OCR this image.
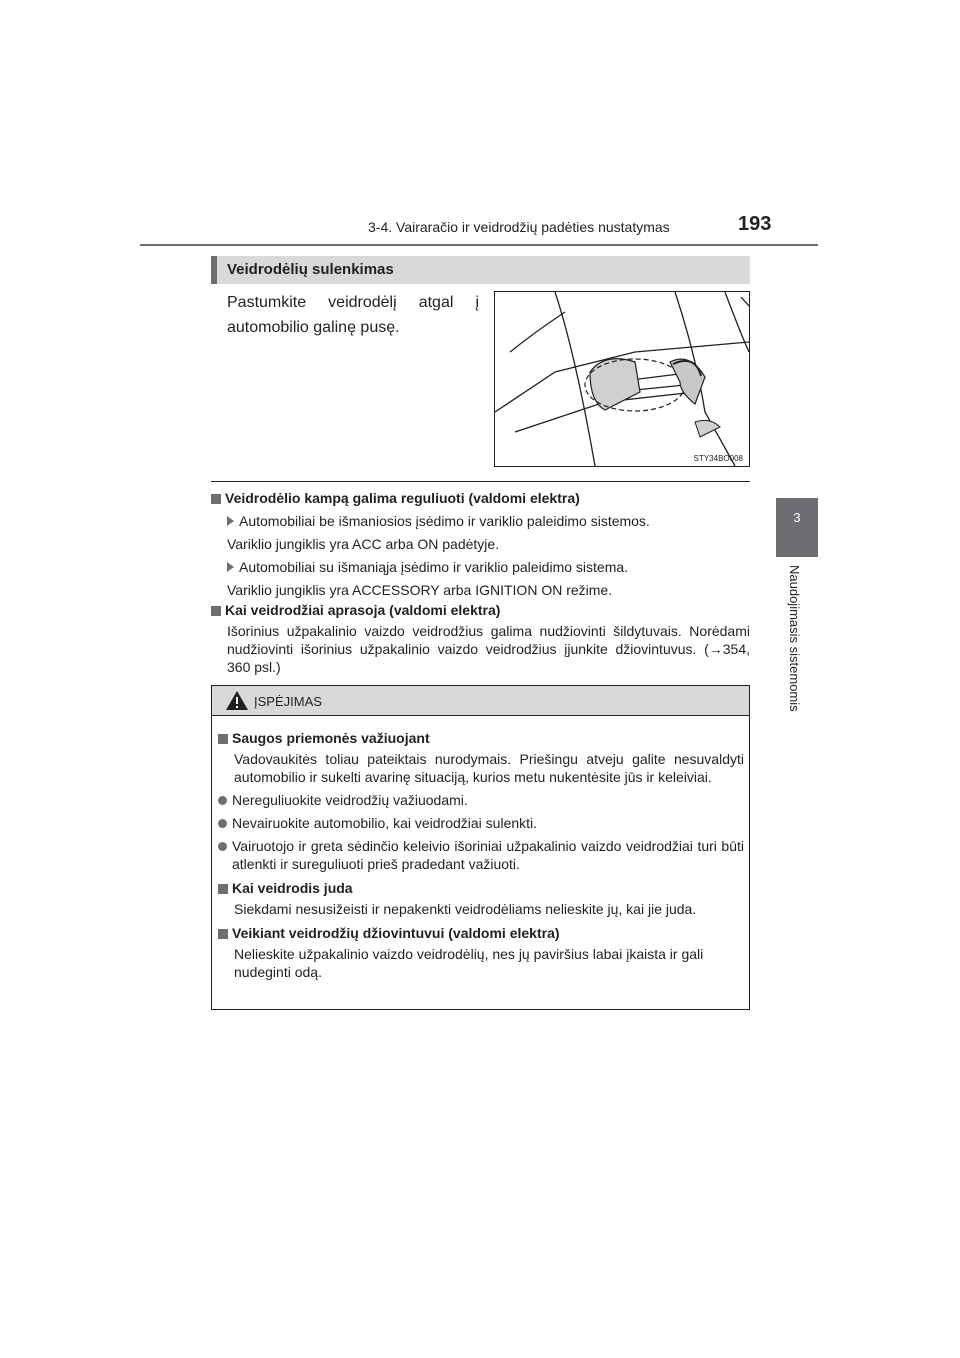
3-4. Vairaračio ir veidrodžių padėties nustatymas	193
3
Naudojimasis sistemomis
Veidrodėlių sulenkimas
Pastumkite veidrodėlį atgal į automobilio galinę pusę.
STY34BO008
Veidrodėlio kampą galima reguliuoti (valdomi elektra)
Automobiliai be išmaniosios įsėdimo ir variklio paleidimo sistemos.
Variklio jungiklis yra ACC arba ON padėtyje.
Automobiliai su išmaniąja įsėdimo ir variklio paleidimo sistema.
Variklio jungiklis yra ACCESSORY arba IGNITION ON režime.
Kai veidrodžiai aprasoja (valdomi elektra)
Išorinius užpakalinio vaizdo veidrodžius galima nudžiovinti šildytuvais. Norėdami nudžiovinti išorinius užpakalinio vaizdo veidrodžius įjunkite džiovintuvus. (→354, 360 psl.)
ĮSPĖJIMAS
Saugos priemonės važiuojant
Vadovaukitės toliau pateiktais nurodymais. Priešingu atveju galite nesuvaldyti automobilio ir sukelti avarinę situaciją, kurios metu nukentėsite jūs ir keleiviai.
Nereguliuokite veidrodžių važiuodami.
Nevairuokite automobilio, kai veidrodžiai sulenkti.
Vairuotojo ir greta sėdinčio keleivio išoriniai užpakalinio vaizdo veidrodžiai turi būti atlenkti ir sureguliuoti prieš pradedant važiuoti.
Kai veidrodis juda
Siekdami nesusižeisti ir nepakenkti veidrodėliams nelieskite jų, kai jie juda.
Veikiant veidrodžių džiovintuvui (valdomi elektra)
Nelieskite užpakalinio vaizdo veidrodėlių, nes jų paviršius labai įkaista ir gali nudeginti odą.
